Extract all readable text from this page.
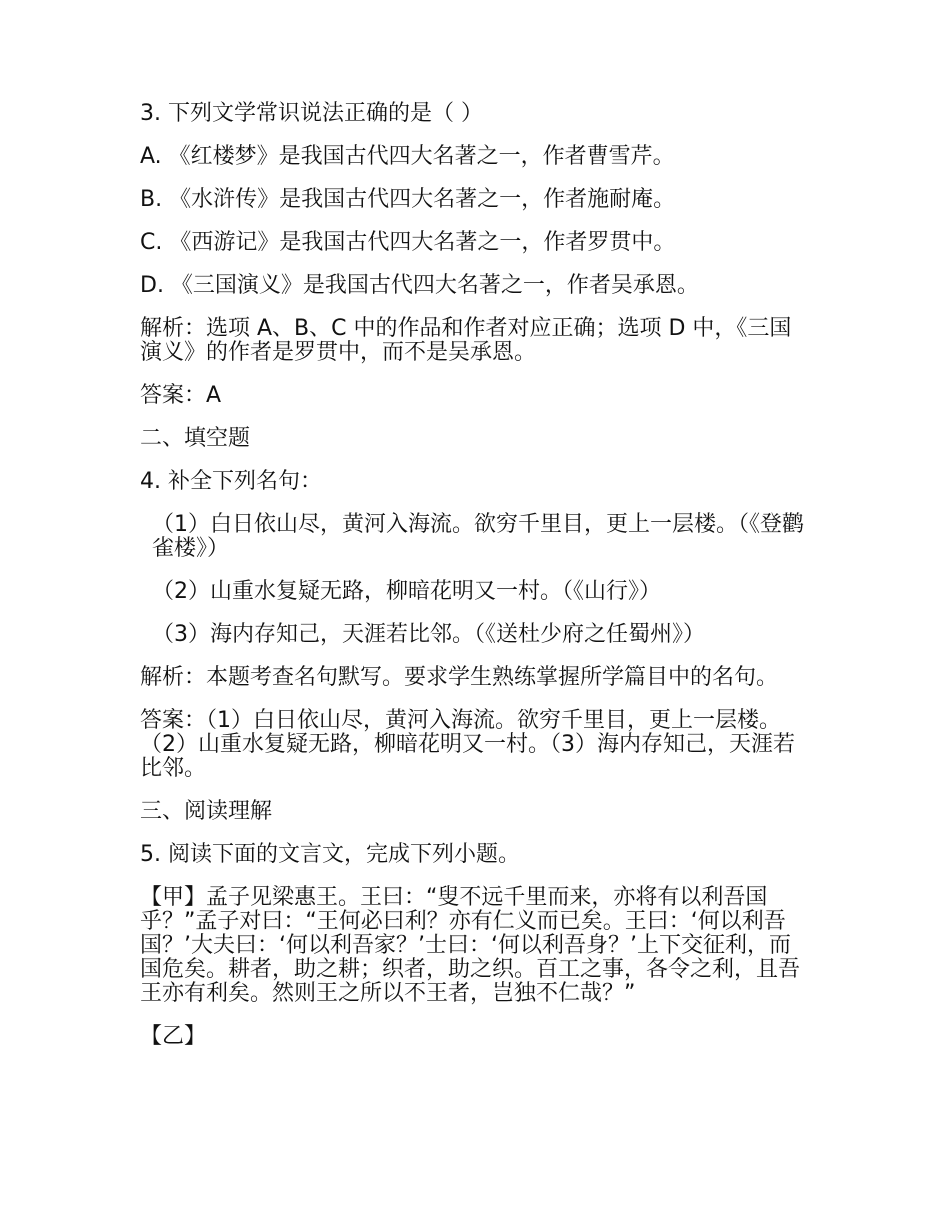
3. 下列文学常识说法正确的是（ ）

A. 《红楼梦》是我国古代四大名著之一，作者曹雪芹。

B. 《水浒传》是我国古代四大名著之一，作者施耐庵。

C. 《西游记》是我国古代四大名著之一，作者罗贯中。

D. 《三国演义》是我国古代四大名著之一，作者吴承恩。

解析：选项 A、B、C 中的作品和作者对应正确；选项 D 中，《三国演义》的作者是罗贯中，而不是吴承恩。

答案：A

二、填空题

4. 补全下列名句：

（1）白日依山尽，黄河入海流。欲穷千里目，更上一层楼。（《登鹳雀楼》）

（2）山重水复疑无路，柳暗花明又一村。（《山行》）

（3）海内存知己，天涯若比邻。（《送杜少府之任蜀州》）

解析：本题考查名句默写。要求学生熟练掌握所学篇目中的名句。

答案：（1）白日依山尽，黄河入海流。欲穷千里目，更上一层楼。（2）山重水复疑无路，柳暗花明又一村。（3）海内存知己，天涯若比邻。

三、阅读理解

5. 阅读下面的文言文，完成下列小题。

【甲】孟子见梁惠王。王曰：“叟不远千里而来，亦将有以利吾国乎？”孟子对曰：“王何必曰利？亦有仁义而已矣。王曰：‘何以利吾国？’大夫曰：‘何以利吾家？’士曰：‘何以利吾身？’上下交征利，而国危矣。耕者，助之耕；织者，助之织。百工之事，各令之利，且吾王亦有利矣。然则王之所以不王者，岂独不仁哉？”

【乙】
